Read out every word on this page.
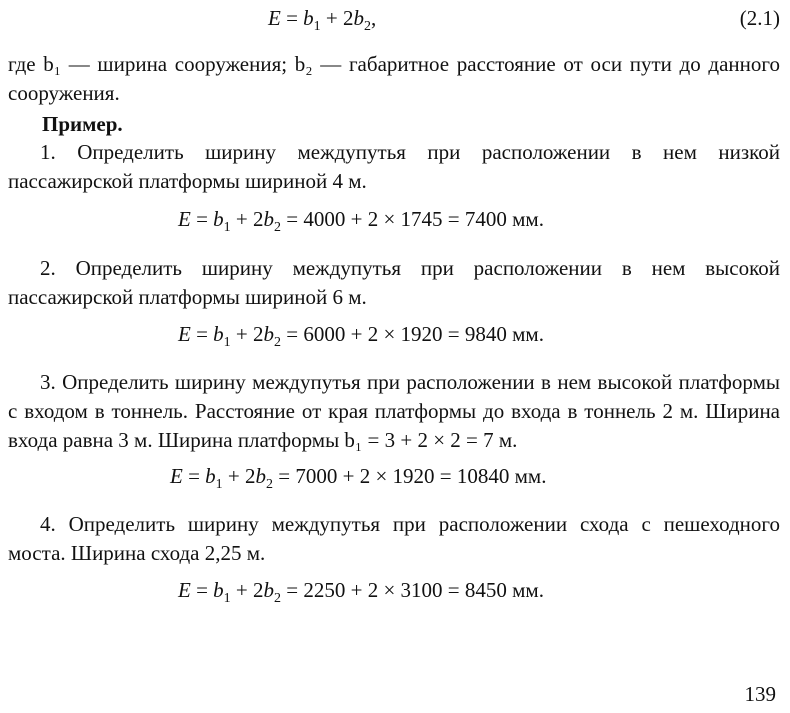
$E = b_1 + 2b_2$,	(2.1)
где b₁ — ширина сооружения; b₂ — габаритное расстояние от оси пути до данного сооружения.
Пример.
1. Определить ширину междупутья при расположении в нем низкой пассажирской платформы шириной 4 м.
$E = b_1 + 2b_2 = 4000 + 2 \times 1745 = 7400$ мм.
2. Определить ширину междупутья при расположении в нем высокой пассажирской платформы шириной 6 м.
$E = b_1 + 2b_2 = 6000 + 2 \times 1920 = 9840$ мм.
3. Определить ширину междупутья при расположении в нем высокой платформы с входом в тоннель. Расстояние от края платформы до входа в тоннель 2 м. Ширина входа равна 3 м. Ширина платформы b₁ = 3 + 2 × 2 = 7 м.
$E = b_1 + 2b_2 = 7000 + 2 \times 1920 = 10840$ мм.
4. Определить ширину междупутья при расположении схода с пешеходного моста. Ширина схода 2,25 м.
$E = b_1 + 2b_2 = 2250 + 2 \times 3100 = 8450$ мм.
139
